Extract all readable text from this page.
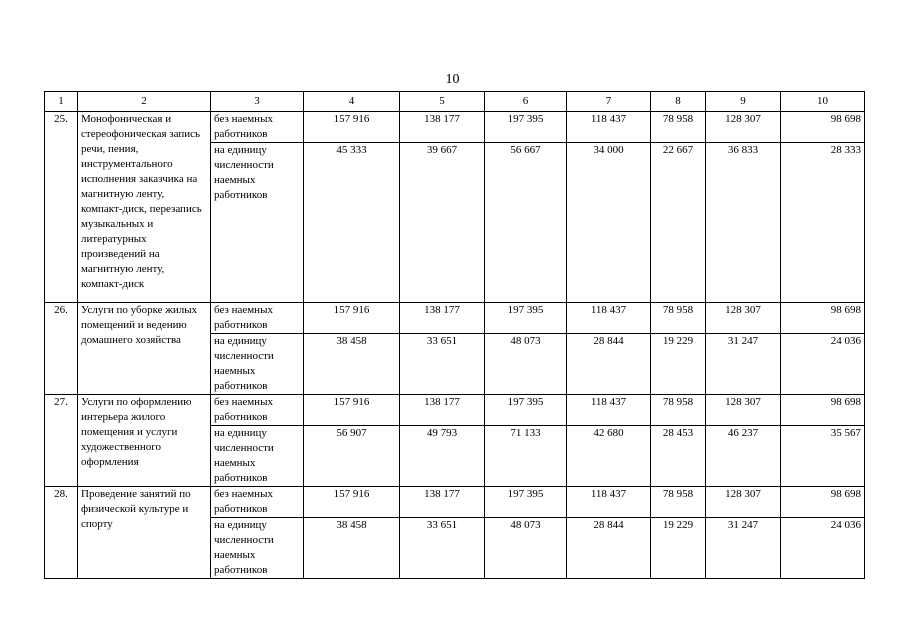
10
1	2	3	4	5	6	7	8	9	10
25.	Монофоническая и стереофоническая запись речи, пения, инструментального исполнения заказчика на магнитную ленту, компакт-диск, перезапись музыкальных и литературных произведений на магнитную ленту, компакт-диск	без наемных работников	157 916	138 177	197 395	118 437	78 958	128 307	98 698
		на единицу численности наемных работников	45 333	39 667	56 667	34 000	22 667	36 833	28 333
26.	Услуги по уборке жилых помещений и ведению домашнего хозяйства	без наемных работников	157 916	138 177	197 395	118 437	78 958	128 307	98 698
		на единицу численности наемных работников	38 458	33 651	48 073	28 844	19 229	31 247	24 036
27.	Услуги по оформлению интерьера жилого помещения и услуги художественного оформления	без наемных работников	157 916	138 177	197 395	118 437	78 958	128 307	98 698
		на единицу численности наемных работников	56 907	49 793	71 133	42 680	28 453	46 237	35 567
28.	Проведение занятий по физической культуре и спорту	без наемных работников	157 916	138 177	197 395	118 437	78 958	128 307	98 698
		на единицу численности наемных работников	38 458	33 651	48 073	28 844	19 229	31 247	24 036
